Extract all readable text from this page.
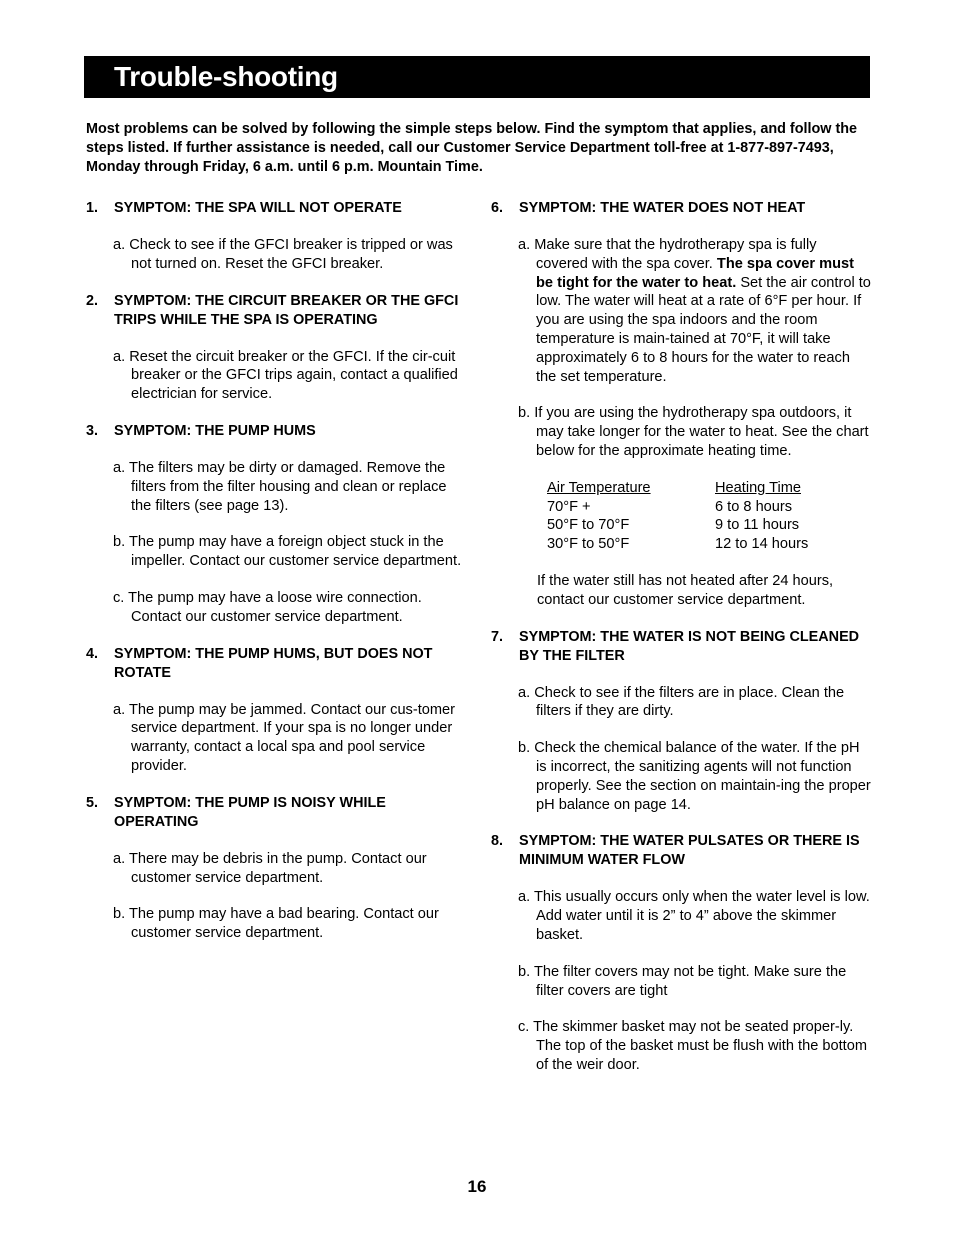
Trouble-shooting

Most problems can be solved by following the simple steps below. Find the symptom that applies, and follow the steps listed. If further assistance is needed, call our Customer Service Department toll-free at 1-877-897-7493, Monday through Friday, 6 a.m. until 6 p.m. Mountain Time.

1.	SYMPTOM: THE SPA WILL NOT OPERATE
a. Check to see if the GFCI breaker is tripped or was not turned on. Reset the GFCI breaker.
2.	SYMPTOM: THE CIRCUIT BREAKER OR THE GFCI TRIPS WHILE THE SPA IS OPERATING
a. Reset the circuit breaker or the GFCI. If the cir-cuit breaker or the GFCI trips again, contact a qualified electrician for service.
3.	SYMPTOM: THE PUMP HUMS
a. The filters may be dirty or damaged. Remove the filters from the filter housing and clean or replace the filters (see page 13).
b. The pump may have a foreign object stuck in the impeller. Contact our customer service department.
c. The pump may have a loose wire connection. Contact our customer service department.
4.	SYMPTOM: THE PUMP HUMS, BUT DOES NOT ROTATE
a. The pump may be jammed. Contact our cus-tomer service department. If your spa is no longer under warranty, contact a local spa and pool service provider.
5.	SYMPTOM: THE PUMP IS NOISY WHILE OPERATING
a. There may be debris in the pump. Contact our customer service department.
b. The pump may have a bad bearing. Contact our customer service department.
6.	SYMPTOM: THE WATER DOES NOT HEAT
a. Make sure that the hydrotherapy spa is fully covered with the spa cover. The spa cover must be tight for the water to heat. Set the air control to low. The water will heat at a rate of 6°F per hour. If you are using the spa indoors and the room temperature is main-tained at 70°F, it will take approximately 6 to 8 hours for the water to reach the set temperature.
b. If you are using the hydrotherapy spa outdoors, it may take longer for the water to heat. See the chart below for the approximate heating time.
Air Temperature	Heating Time
70°F +	6 to 8 hours
50°F to 70°F	9 to 11 hours
30°F to 50°F	12 to 14 hours
If the water still has not heated after 24 hours, contact our customer service department.
7.	SYMPTOM: THE WATER IS NOT BEING CLEANED BY THE FILTER
a. Check to see if the filters are in place. Clean the filters if they are dirty.
b. Check the chemical balance of the water. If the pH is incorrect, the sanitizing agents will not function properly. See the section on maintain-ing the proper pH balance on page 14.
8.	SYMPTOM: THE WATER PULSATES OR THERE IS MINIMUM WATER FLOW
a. This usually occurs only when the water level is low. Add water until it is 2” to 4” above the skimmer basket.
b. The filter covers may not be tight. Make sure the filter covers are tight
c. The skimmer basket may not be seated proper-ly. The top of the basket must be flush with the bottom of the weir door.
16
